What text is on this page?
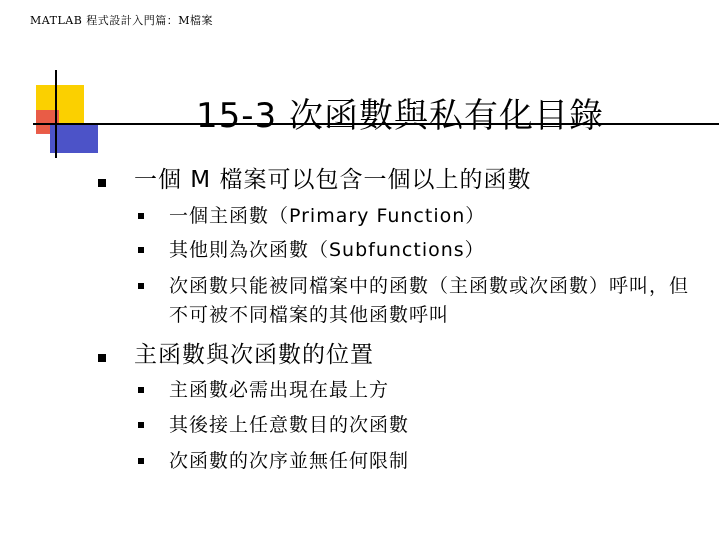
MATLAB 程式設計入門篇：M檔案
15-3 次函數與私有化目錄
一個 M 檔案可以包含一個以上的函數
一個主函數（Primary Function）
其他則為次函數（Subfunctions）
次函數只能被同檔案中的函數（主函數或次函數）呼叫，但不可被不同檔案的其他函數呼叫
主函數與次函數的位置
主函數必需出現在最上方
其後接上任意數目的次函數
次函數的次序並無任何限制
